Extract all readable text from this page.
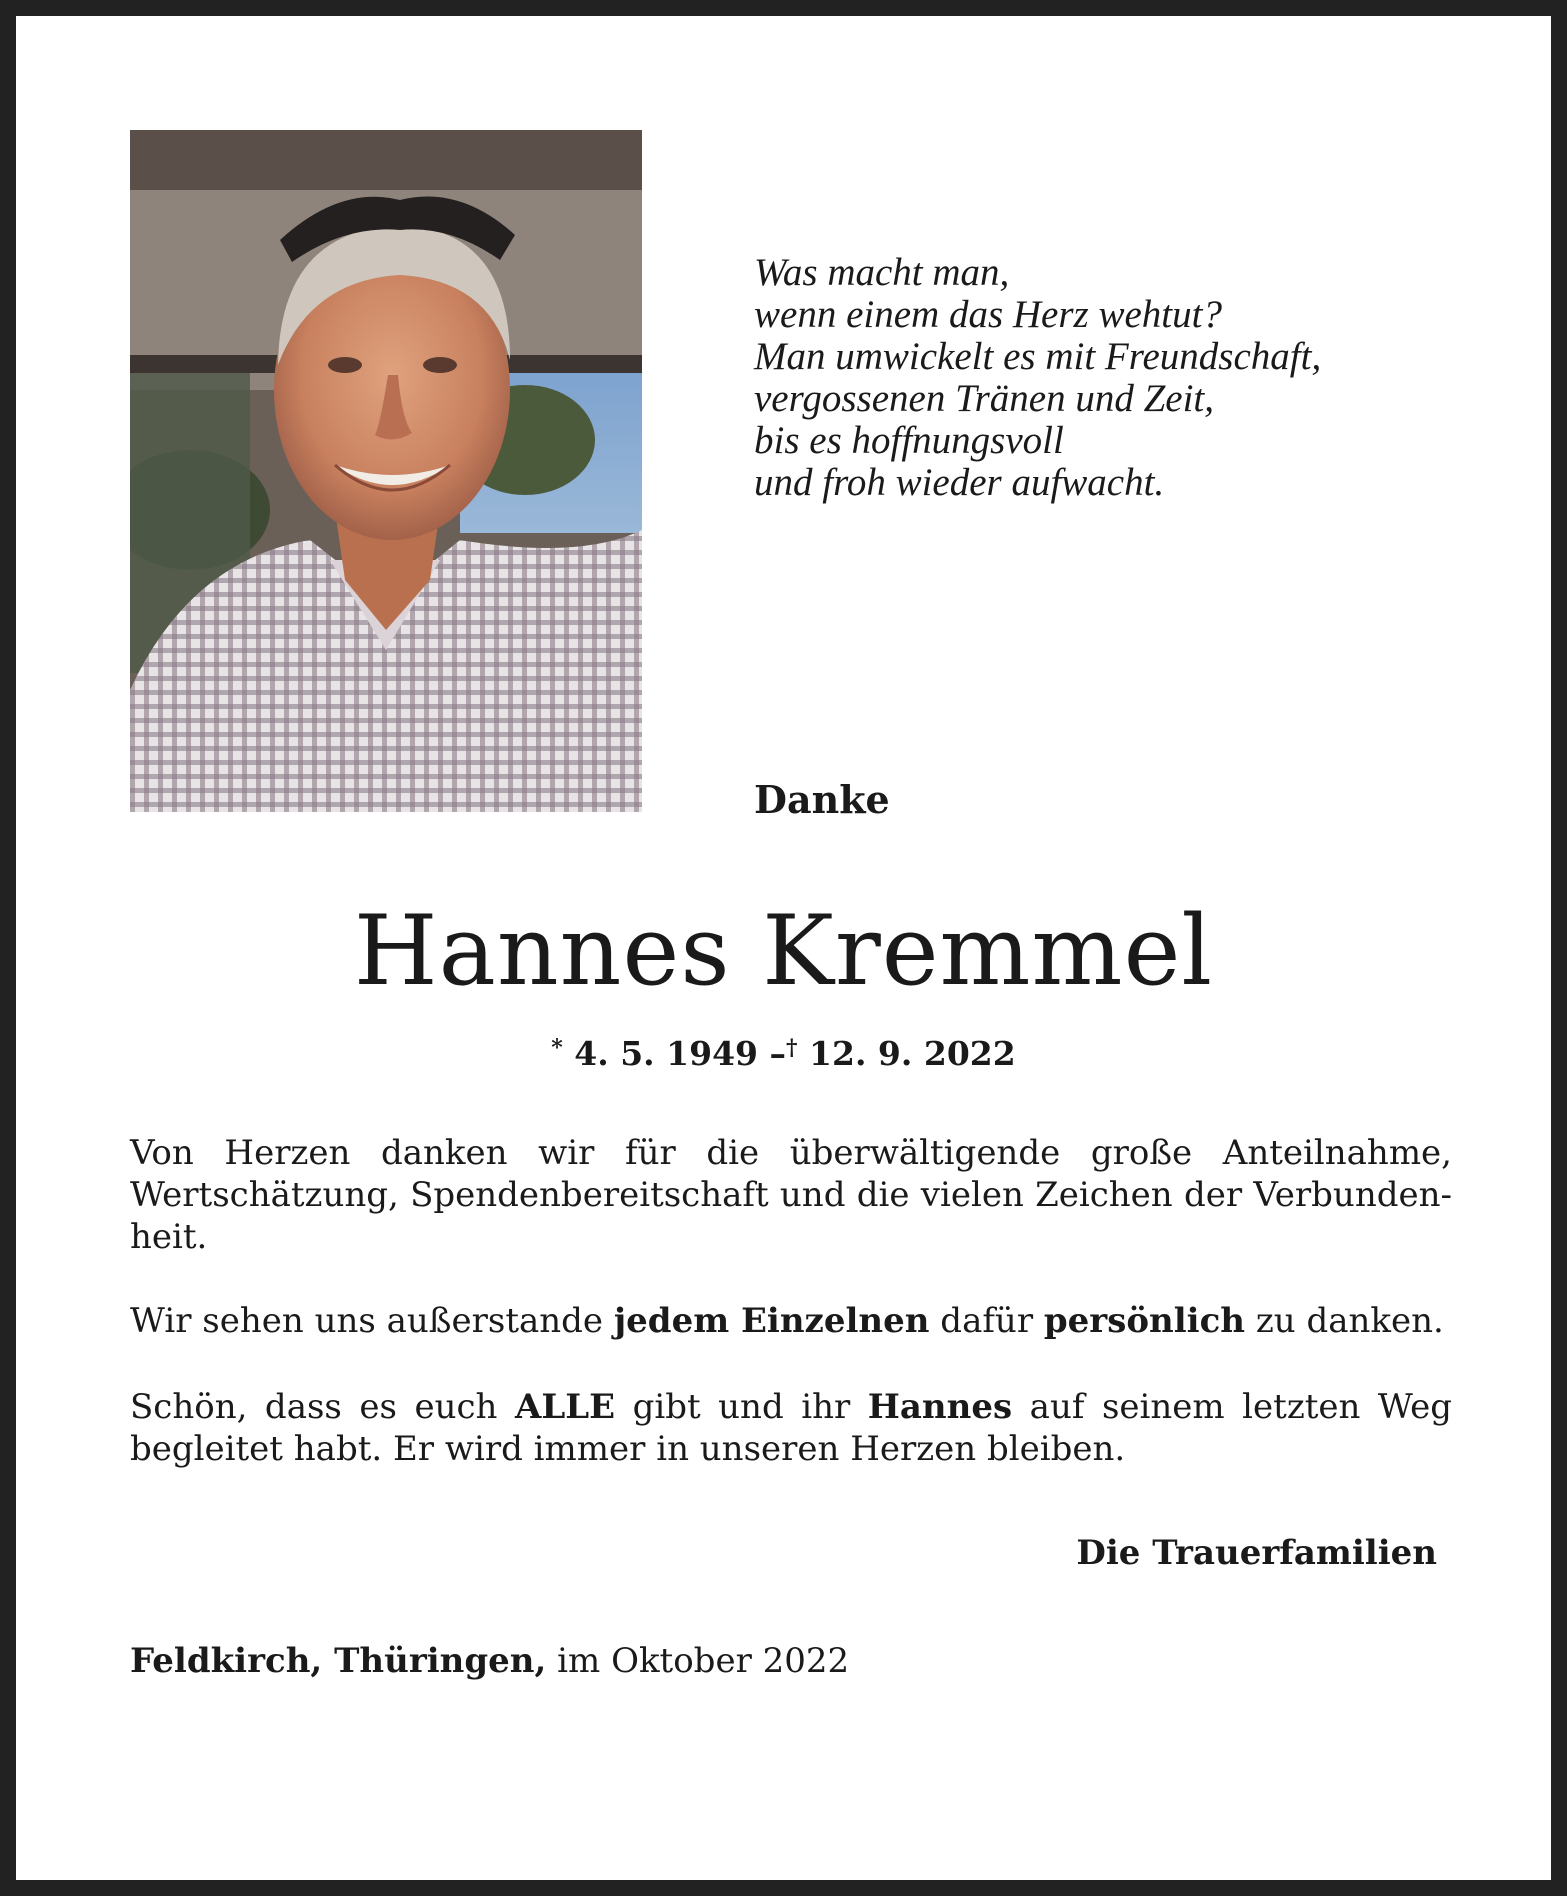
Was macht man,
wenn einem das Herz wehtut?
Man umwickelt es mit Freundschaft,
vergossenen Tränen und Zeit,
bis es hoffnungsvoll
und froh wieder aufwacht.
Danke
Hannes Kremmel
* 4. 5. 1949 –† 12. 9. 2022
Von Herzen danken wir für die überwältigende große Anteilnahme,
Wertschätzung, Spendenbereitschaft und die vielen Zeichen der Verbunden-
heit.
Wir sehen uns außerstande jedem Einzelnen dafür persönlich zu danken.
Schön, dass es euch ALLE gibt und ihr Hannes auf seinem letzten Weg
begleitet habt. Er wird immer in unseren Herzen bleiben.
Die Trauerfamilien
Feldkirch, Thüringen, im Oktober 2022
